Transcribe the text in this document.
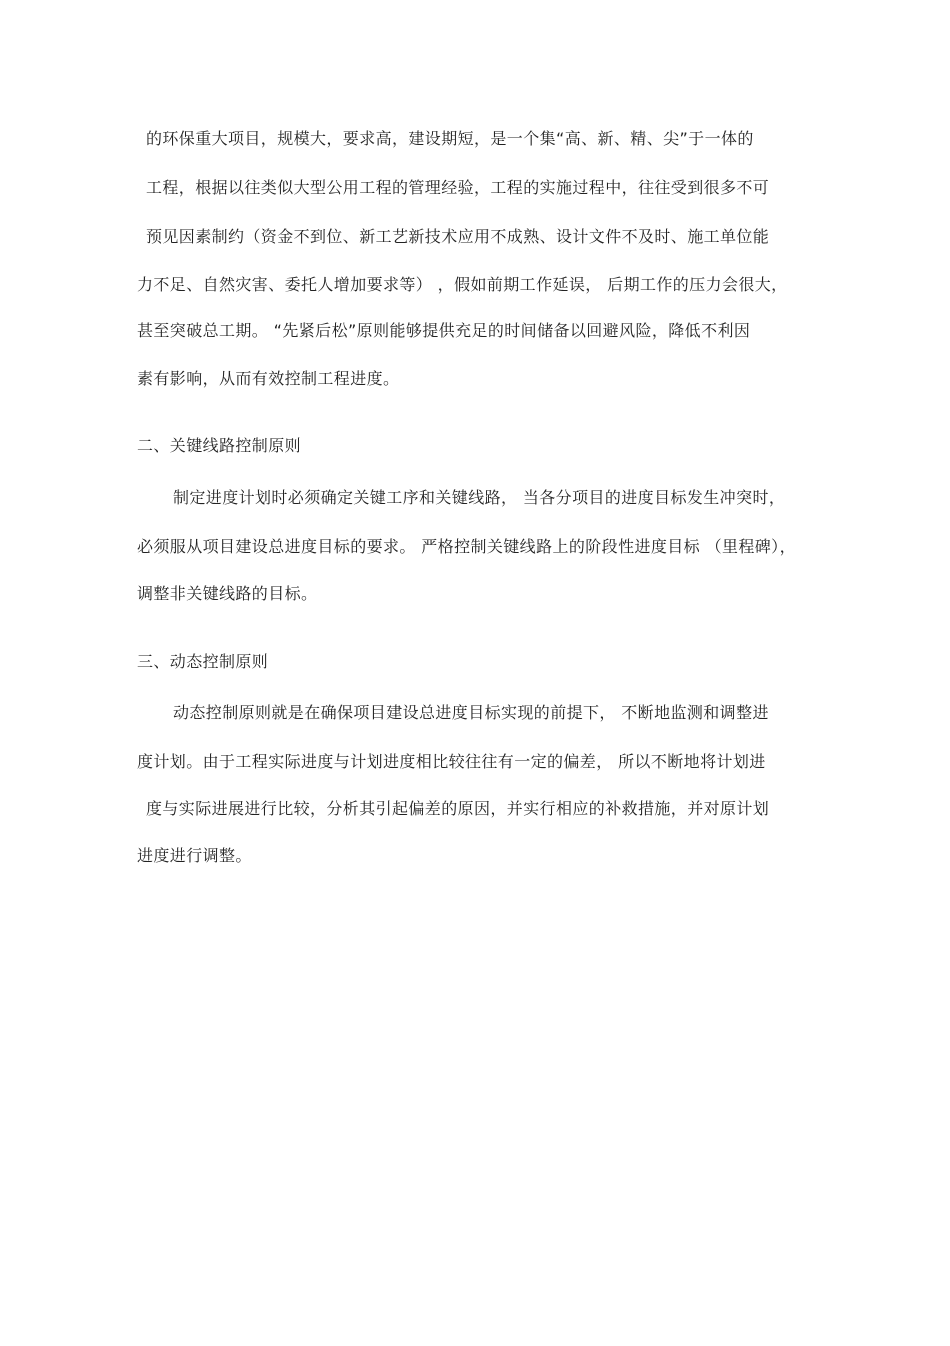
的环保重大项目，规模大，要求高，建设期短，是一个集“高、新、精、尖”于一体的
工程，根据以往类似大型公用工程的管理经验，工程的实施过程中，往往受到很多不可
预见因素制约（资金不到位、新工艺新技术应用不成熟、设计文件不及时、施工单位能
力不足、自然灾害、委托人增加要求等） ，假如前期工作延误， 后期工作的压力会很大，
甚至突破总工期。 “先紧后松”原则能够提供充足的时间储备以回避风险，降低不利因
素有影响，从而有效控制工程进度。
二、关键线路控制原则
制定进度计划时必须确定关键工序和关键线路， 当各分项目的进度目标发生冲突时，
必须服从项目建设总进度目标的要求。 严格控制关键线路上的阶段性进度目标 （里程碑），
调整非关键线路的目标。
三、动态控制原则
动态控制原则就是在确保项目建设总进度目标实现的前提下， 不断地监测和调整进
度计划。由于工程实际进度与计划进度相比较往往有一定的偏差， 所以不断地将计划进
度与实际进展进行比较，分析其引起偏差的原因，并实行相应的补救措施，并对原计划
进度进行调整。
